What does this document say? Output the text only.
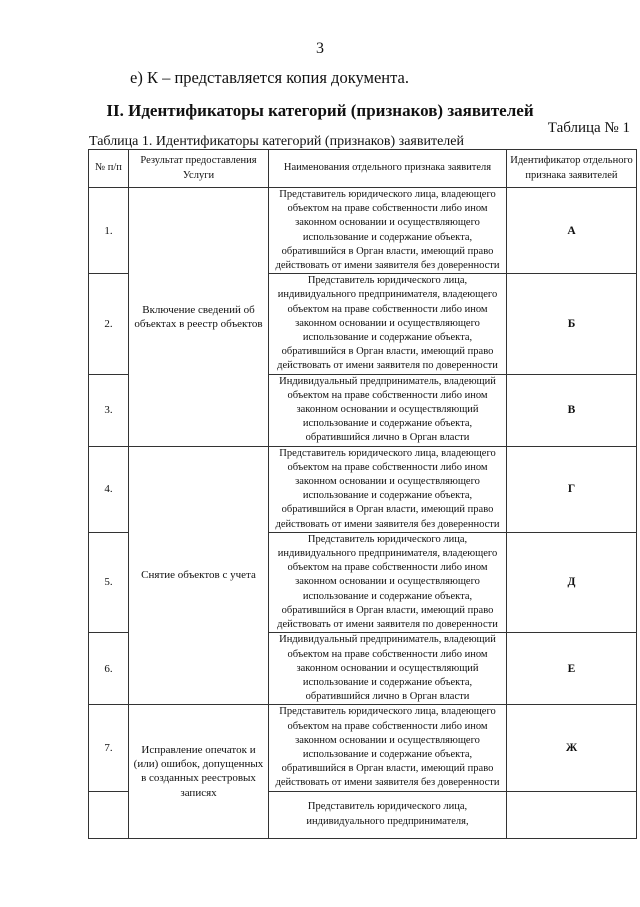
3
е) К – представляется копия документа.
II. Идентификаторы категорий (признаков) заявителей
Таблица № 1
Таблица 1. Идентификаторы категорий (признаков) заявителей
№ п/п	Результат предоставления Услуги	Наименования отдельного признака заявителя	Идентификатор отдельного признака заявителей
1.	Включение сведений об объектах в реестр объектов	Представитель юридического лица, владеющего объектом на праве собственности либо ином законном основании и осуществляющего использование и содержание объекта, обратившийся в Орган власти, имеющий право действовать от имени заявителя без доверенности	А
2.		Представитель юридического лица, индивидуального предпринимателя, владеющего объектом на праве собственности либо ином законном основании и осуществляющего использование и содержание объекта, обратившийся в Орган власти, имеющий право действовать от имени заявителя по доверенности	Б
3.		Индивидуальный предприниматель, владеющий объектом на праве собственности либо ином законном основании и осуществляющий использование и содержание объекта, обратившийся лично в Орган власти	В
4.	Снятие объектов с учета	Представитель юридического лица, владеющего объектом на праве собственности либо ином законном основании и осуществляющего использование и содержание объекта, обратившийся в Орган власти, имеющий право действовать от имени заявителя без доверенности	Г
5.		Представитель юридического лица, индивидуального предпринимателя, владеющего объектом на праве собственности либо ином законном основании и осуществляющего использование и содержание объекта, обратившийся в Орган власти, имеющий право действовать от имени заявителя по доверенности	Д
6.		Индивидуальный предприниматель, владеющий объектом на праве собственности либо ином законном основании и осуществляющий использование и содержание объекта, обратившийся лично в Орган власти	Е
7.	Исправление опечаток и (или) ошибок, допущенных в созданных реестровых записях	Представитель юридического лица, владеющего объектом на праве собственности либо ином законном основании и осуществляющего использование и содержание объекта, обратившийся в Орган власти, имеющий право действовать от имени заявителя без доверенности	Ж
		Представитель юридического лица, индивидуального предпринимателя,	
